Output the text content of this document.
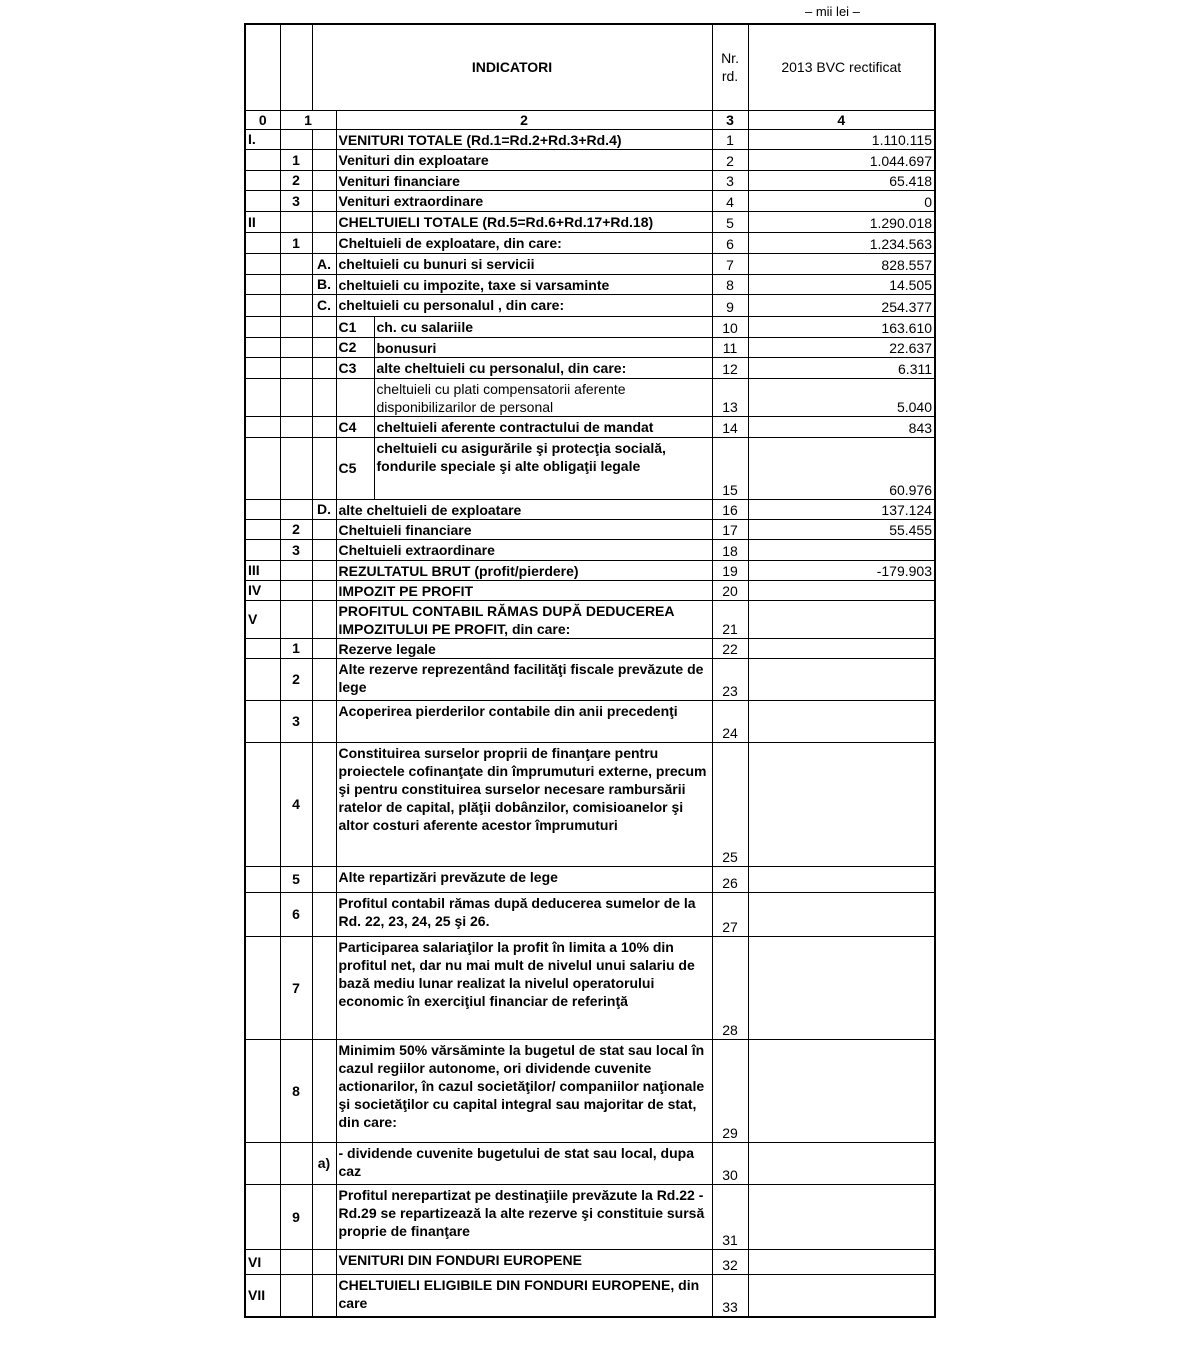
– mii lei –
		INDICATORI			Nr. rd.	2013 BVC rectificat
0	1		2		3	4
I.			VENITURI TOTALE (Rd.1=Rd.2+Rd.3+Rd.4)		1	1.110.115
	1		Venituri din exploatare		2	1.044.697
	2		Venituri financiare		3	65.418
	3		Venituri extraordinare		4	0
II			CHELTUIELI TOTALE (Rd.5=Rd.6+Rd.17+Rd.18)		5	1.290.018
	1		Cheltuieli de exploatare, din care:		6	1.234.563
		A.	cheltuieli cu bunuri si servicii		7	828.557
		B.	cheltuieli cu impozite, taxe si varsaminte		8	14.505
		C.	cheltuieli cu personalul , din care:		9	254.377
			C1	ch. cu salariile	10	163.610
			C2	bonusuri	11	22.637
			C3	alte cheltuieli cu personalul, din care:	12	6.311
				cheltuieli cu plati compensatorii aferente disponibilizarilor de personal	13	5.040
			C4	cheltuieli aferente contractului de mandat	14	843
			C5	cheltuieli cu asigurările şi protecţia socială, fondurile speciale şi alte obligaţii legale	15	60.976
		D.	alte cheltuieli de exploatare		16	137.124
	2		Cheltuieli financiare		17	55.455
	3		Cheltuieli extraordinare		18	
III			REZULTATUL BRUT (profit/pierdere)		19	-179.903
IV			IMPOZIT PE PROFIT		20	
V			PROFITUL CONTABIL RĂMAS DUPĂ DEDUCEREA IMPOZITULUI PE PROFIT, din care:		21	
	1		Rezerve legale		22	
	2		Alte rezerve reprezentând facilităţi fiscale prevăzute de lege		23	
	3		Acoperirea pierderilor contabile din anii precedenţi		24	
	4		Constituirea surselor proprii de finanţare pentru proiectele cofinanţate din împrumuturi externe, precum şi pentru constituirea surselor necesare rambursării ratelor de capital, plăţii dobânzilor, comisioanelor şi altor costuri aferente acestor împrumuturi		25	
	5		Alte repartizări prevăzute de lege		26	
	6		Profitul contabil rămas după deducerea sumelor de la Rd. 22, 23, 24, 25 şi 26.		27	
	7		Participarea salariaţilor la profit în limita a 10% din profitul net, dar nu mai mult de nivelul unui salariu de bază mediu lunar realizat la nivelul operatorului economic în exerciţiul financiar de referinţă		28	
	8		Minimim 50% vărsăminte la bugetul de stat sau local în cazul regiilor autonome, ori dividende cuvenite actionarilor, în cazul societăţilor/ companiilor naţionale şi societăţilor cu capital integral sau majoritar de stat, din care:		29	
		a)	- dividende cuvenite bugetului de stat sau local, dupa caz		30	
	9		Profitul nerepartizat pe destinaţiile prevăzute la Rd.22 - Rd.29 se repartizează la alte rezerve şi constituie sursă proprie de finanţare		31	
VI			VENITURI DIN FONDURI EUROPENE		32	
VII			CHELTUIELI ELIGIBILE DIN FONDURI EUROPENE, din care		33	
